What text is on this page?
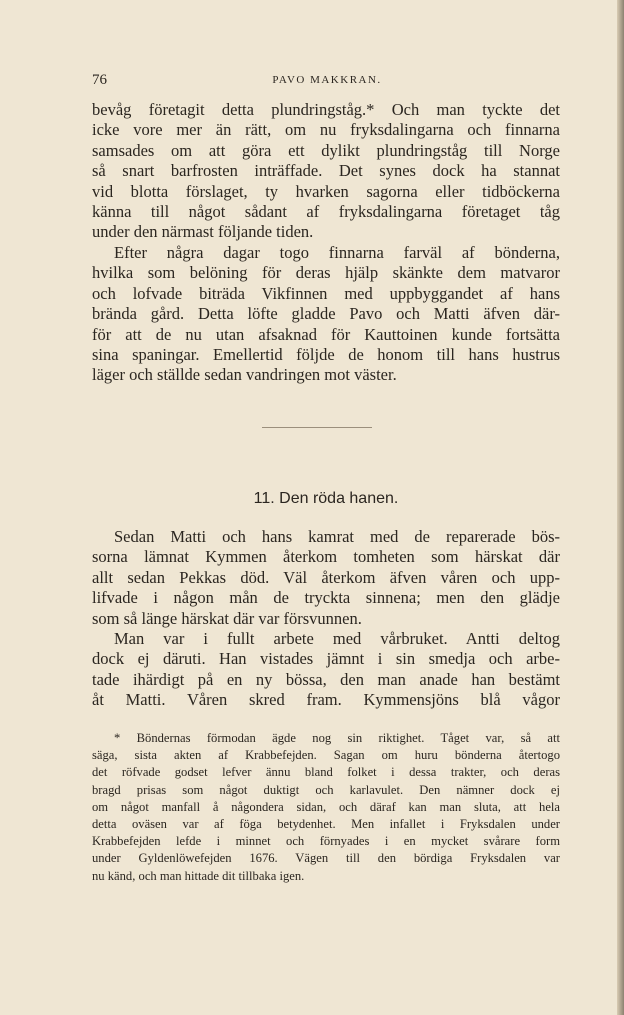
76	PAVO MAKKRAN.
bevåg företagit detta plundringståg.* Och man tyckte det
icke vore mer än rätt, om nu fryksdalingarna och finnarna
samsades om att göra ett dylikt plundringståg till Norge
så snart barfrosten inträffade. Det synes dock ha stannat
vid blotta förslaget, ty hvarken sagorna eller tidböckerna
känna till något sådant af fryksdalingarna företaget tåg
under den närmast följande tiden.
Efter några dagar togo finnarna farväl af bönderna,
hvilka som belöning för deras hjälp skänkte dem matvaror
och lofvade biträda Vikfinnen med uppbyggandet af hans
brända gård. Detta löfte gladde Pavo och Matti äfven där-
för att de nu utan afsaknad för Kauttoinen kunde fortsätta
sina spaningar. Emellertid följde de honom till hans hustrus
läger och ställde sedan vandringen mot väster.
11. Den röda hanen.
Sedan Matti och hans kamrat med de reparerade bös-
sorna lämnat Kymmen återkom tomheten som härskat där
allt sedan Pekkas död. Väl återkom äfven våren och upp-
lifvade i någon mån de tryckta sinnena; men den glädje
som så länge härskat där var försvunnen.
Man var i fullt arbete med vårbruket. Antti deltog
dock ej däruti. Han vistades jämnt i sin smedja och arbe-
tade ihärdigt på en ny bössa, den man anade han bestämt
åt Matti. Våren skred fram. Kymmensjöns blå vågor
* Böndernas förmodan ägde nog sin riktighet. Tåget var, så att
säga, sista akten af Krabbefejden. Sagan om huru bönderna återtogo
det röfvade godset lefver ännu bland folket i dessa trakter, och deras
bragd prisas som något duktigt och karlavulet. Den nämner dock ej
om något manfall å någondera sidan, och däraf kan man sluta, att hela
detta oväsen var af föga betydenhet. Men infallet i Fryksdalen under
Krabbefejden lefde i minnet och förnyades i en mycket svårare form
under Gyldenlöwefejden 1676. Vägen till den bördiga Fryksdalen var
nu känd, och man hittade dit tillbaka igen.
